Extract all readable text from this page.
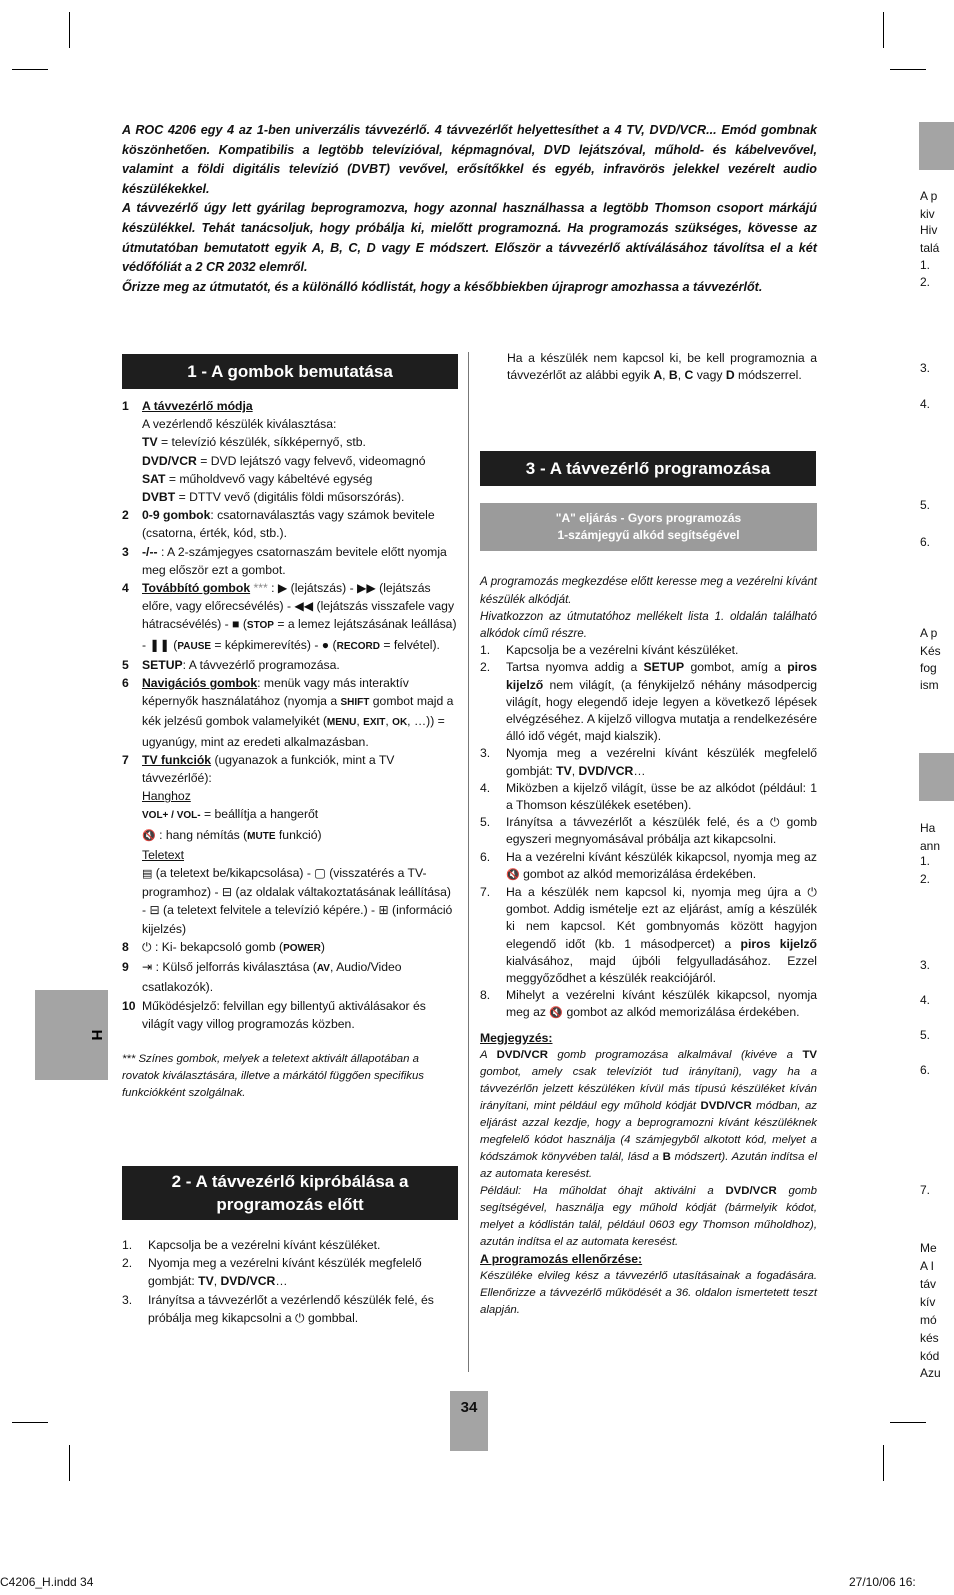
A p
kiv
Hiv
talá
1.
2.
3.
4.
5.
6.
A p
Kés
fog
ism
Ha
ann
1.
2.
3.
4.
5.
6.
7.
Me
A I
táv
kív
mó
kés
kód
Azu

A ROC 4206 egy 4 az 1-ben univerzális távvezérlő. 4 távvezérlőt helyettesíthet a 4 TV, DVD/VCR... Emód gombnak köszönhetően. Kompatibilis a legtöbb televízióval, képmagnóval, DVD lejátszóval, műhold- és kábelvevővel, valamint a földi digitális televízió (DVBT) vevővel, erősítőkkel és egyéb, infravörös jelekkel vezérelt audio készülékekkel.

A távvezérlő úgy lett gyárilag beprogramozva, hogy azonnal használhassa a legtöbb Thomson csoport márkájú készülékkel. Tehát tanácsoljuk, hogy próbálja ki, mielőtt programozná. Ha programozás szükséges, kövesse az útmutatóban bemutatott egyik A, B, C, D vagy E módszert. Először a távvezérlő aktíválásához távolítsa el a két védőfóliát a 2 CR 2032 elemről.

Őrizze meg az útmutatót, és a különálló kódlistát, hogy a későbbiekben újraprogr amozhassa a távvezérlőt.

1 - A gombok bemutatása
1	A távvezérlő módja
A vezérlendő készülék kiválasztása:
TV = televízió készülék, síkképernyő, stb.
DVD/VCR = DVD lejátszó vagy felvevő, videomagnó
SAT = műholdvevő vagy kábeltévé egység
DVBT = DTTV vevő (digitális földi műsorszórás).
2	0-9 gombok: csatornaválasztás vagy számok bevitele (csatorna, érték, kód, stb.).
3	-/-- : A 2-számjegyes csatornaszám bevitele előtt nyomja meg először ezt a gombot.
4	Továbbító gombok *** : ▶ (lejátszás) - ▶▶ (lejátszás előre, vagy előrecsévélés) - ◀◀ (lejátszás visszafele vagy hátracsévélés) - ■ (STOP = a lemez lejátszásának leállása) - ❚❚ (PAUSE = képkimerevítés) - ● (RECORD = felvétel).
5	SETUP: A távvezérlő programozása.
6	Navigációs gombok: menük vagy más interaktív képernyők használatához (nyomja a SHIFT gombot majd a kék jelzésű gombok valamelyikét (MENU, EXIT, OK, …)) = ugyanúgy, mint az eredeti alkalmazásban.
7	TV funkciók (ugyanazok a funkciók, mint a TV távvezérlőé):
Hanghoz
VOL+ / VOL- = beállítja a hangerőt
🔇 : hang némítás (MUTE funkció)
Teletext
▤ (a teletext be/kikapcsolása) - ▢ (visszatérés a TV-programhoz) - ⊟ (az oldalak váltakoztatásának leállítása) - ⊟ (a teletext felvitele a televízió képére.) - ⊞ (információ kijelzés)
8	⏻ : Ki- bekapcsoló gomb (POWER)
9	⇥ : Külső jelforrás kiválasztása (AV, Audio/Video csatlakozók).
10 Működésjelző: felvillan egy billentyű aktiválásakor és világít vagy villog programozás közben.
*** Színes gombok, melyek a teletext aktivált állapotában a rovatok kiválasztására, illetve a márkától függően specifikus funkciókként szolgálnak.
2 - A távvezérlő kipróbálása a programozás előtt
1.	Kapcsolja be a vezérelni kívánt készüléket.
2.	Nyomja meg a vezérelni kívánt készülék megfelelő gombját: TV, DVD/VCR…
3.	Irányítsa a távvezérlőt a vezérlendő készülék felé, és próbálja meg kikapcsolni a ⏻ gombbal.
Ha a készülék nem kapcsol ki, be kell programoznia a távvezérlőt az alábbi egyik A, B, C vagy D módszerrel.
3 - A távvezérlő programozása
"A" eljárás - Gyors programozás
1-számjegyű alkód segítségével
A programozás megkezdése előtt keresse meg a vezérelni kívánt készülék alkódját.
Hivatkozzon az útmutatóhoz mellékelt lista 1. oldalán található alkódok című részre.
1.	Kapcsolja be a vezérelni kívánt készüléket.
2.	Tartsa nyomva addig a SETUP gombot, amíg a piros kijelző nem világít, (a fénykijelző néhány másodpercig világít, hogy elegendő ideje legyen a következő lépések elvégzéséhez. A kijelző villogva mutatja a rendelkezésére álló idő végét, majd kialszik).
3.	Nyomja meg a vezérelni kívánt készülék megfelelő gombját: TV, DVD/VCR…
4.	Miközben a kijelző világít, üsse be az alkódot (például: 1 a Thomson készülékek esetében).
5.	Irányítsa a távvezérlőt a készülék felé, és a ⏻ gomb egyszeri megnyomásával próbálja azt kikapcsolni.
6.	Ha a vezérelni kívánt készülék kikapcsol, nyomja meg az 🔇 gombot az alkód memorizálása érdekében.
7.	Ha a készülék nem kapcsol ki, nyomja meg újra a ⏻ gombot. Addig ismételje ezt az eljárást, amíg a készülék ki nem kapcsol. Két gombnyomás között hagyjon elegendő időt (kb. 1 másodpercet) a piros kijelző kialvásához, majd újbóli felgyulladásához. Ezzel meggyőződhet a készülék reakciójáról.
8.	Mihelyt a vezérelni kívánt készülék kikapcsol, nyomja meg az 🔇 gombot az alkód memorizálása érdekében.
Megjegyzés:
A DVD/VCR gomb programozása alkalmával (kivéve a TV gombot, amely csak televíziót tud irányítani), vagy ha a távvezérlőn jelzett készüléken kívül más típusú készüléket kíván irányítani, mint például egy műhold kódját DVD/VCR módban, az eljárást azzal kezdje, hogy a beprogramozni kívánt készüléknek megfelelő kódot használja (4 számjegyből alkotott kód, melyet a kódszámok könyvében talál, lásd a B módszert). Azután indítsa el az automata keresést.
Például: Ha műholdat óhajt aktiválni a DVD/VCR gomb segítségével, használja egy műhold kódját (bármelyik kódot, melyet a kódlistán talál, például 0603 egy Thomson műholdhoz), azután indítsa el az automata keresést.
A programozás ellenőrzése:
Készüléke elvileg kész a távvezérlő utasításainak a fogadására. Ellenőrizze a távvezérlő működését a 36. oldalon ismertetett teszt alapján.
H
34
C4206_H.indd 34	27/10/06 16:
